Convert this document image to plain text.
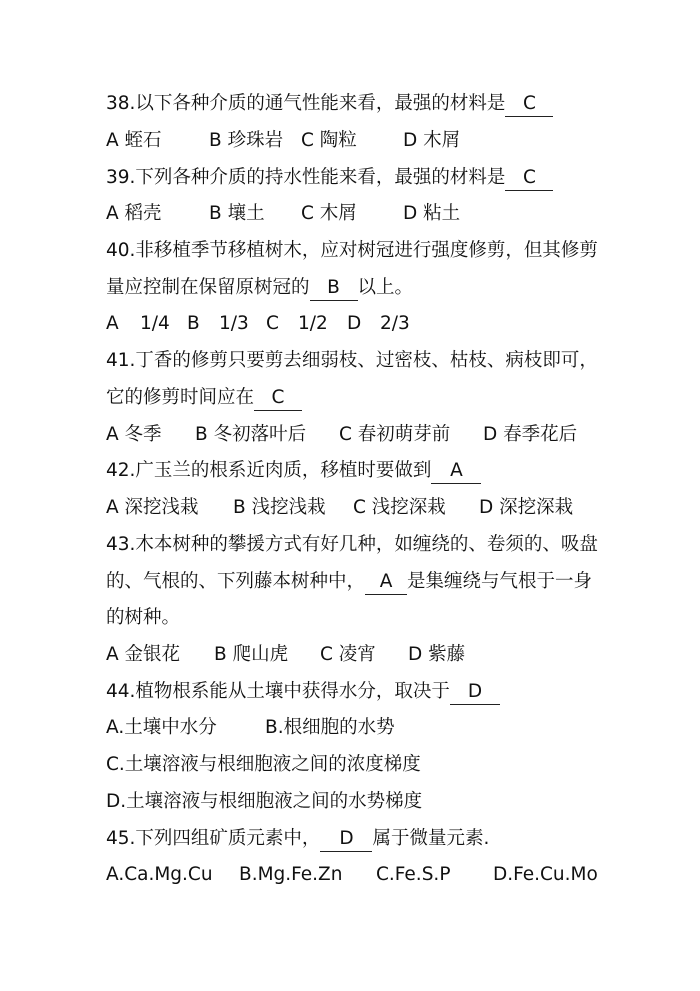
38.以下各种介质的通气性能来看，最强的材料是 C
A 蛭石	B 珍珠岩 C 陶粒 D 木屑
39.下列各种介质的持水性能来看，最强的材料是 C
A 稻壳	B 壤土 C 木屑 D 粘土
40.非移植季节移植树木，应对树冠进行强度修剪，但其修剪
量应控制在保留原树冠的 B 以上。
A 1/4 B 1/3 C 1/2 D 2/3
41.丁香的修剪只要剪去细弱枝、过密枝、枯枝、病枝即可，
它的修剪时间应在 C
A 冬季 B 冬初落叶后 C 春初萌芽前 D 春季花后
42.广玉兰的根系近肉质，移植时要做到 A
A 深挖浅栽 B 浅挖浅栽 C 浅挖深栽 D 深挖深栽
43.木本树种的攀援方式有好几种，如缠绕的、卷须的、吸盘
的、气根的、下列藤本树种中， A 是集缠绕与气根于一身
的树种。
A 金银花 B 爬山虎 C 凌宵 D 紫藤
44.植物根系能从土壤中获得水分，取决于 D
A.土壤中水分	B.根细胞的水势
C.土壤溶液与根细胞液之间的浓度梯度
D.土壤溶液与根细胞液之间的水势梯度
45.下列四组矿质元素中， D 属于微量元素.
A.Ca.Mg.Cu B.Mg.Fe.Zn C.Fe.S.P D.Fe.Cu.Mo
